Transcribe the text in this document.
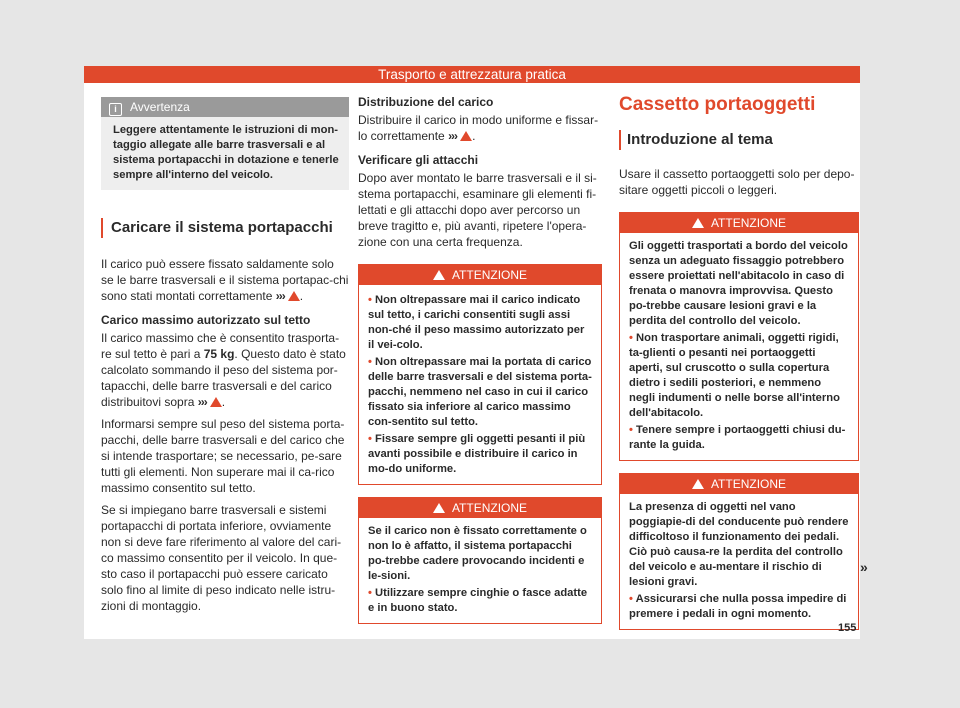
Trasporto e attrezzatura pratica
i Avvertenza
Leggere attentamente le istruzioni di mon-taggio allegate alle barre trasversali e al sistema portapacchi in dotazione e tenerle sempre all'interno del veicolo.
Caricare il sistema portapacchi

Il carico può essere fissato saldamente solo se le barre trasversali e il sistema portapac-chi sono stati montati correttamente ››› .

Carico massimo autorizzato sul tetto

Il carico massimo che è consentito trasporta-re sul tetto è pari a 75 kg. Questo dato è stato calcolato sommando il peso del sistema por-tapacchi, delle barre trasversali e del carico distribuitovi sopra ››› .

Informarsi sempre sul peso del sistema porta-pacchi, delle barre trasversali e del carico che si intende trasportare; se necessario, pe-sare tutti gli elementi. Non superare mai il ca-rico massimo consentito sul tetto.

Se si impiegano barre trasversali e sistemi portapacchi di portata inferiore, ovviamente non si deve fare riferimento al valore del cari-co massimo consentito per il veicolo. In que-sto caso il portapacchi può essere caricato solo fino al limite di peso indicato nelle istru-zioni di montaggio.

Distribuzione del carico

Distribuire il carico in modo uniforme e fissar-lo correttamente ››› .

Verificare gli attacchi

Dopo aver montato le barre trasversali e il si-stema portapacchi, esaminare gli elementi fi-lettati e gli attacchi dopo aver percorso un breve tragitto e, più avanti, ripetere l'opera-zione con una certa frequenza.

ATTENZIONE
• Non oltrepassare mai il carico indicato sul tetto, i carichi consentiti sugli assi non-ché il peso massimo autorizzato per il vei-colo.
• Non oltrepassare mai la portata di carico delle barre trasversali e del sistema porta-pacchi, nemmeno nel caso in cui il carico fissato sia inferiore al carico massimo con-sentito sul tetto.
• Fissare sempre gli oggetti pesanti il più avanti possibile e distribuire il carico in mo-do uniforme.
ATTENZIONE
Se il carico non è fissato correttamente o non lo è affatto, il sistema portapacchi po-trebbe cadere provocando incidenti e le-sioni.
• Utilizzare sempre cinghie o fasce adatte e in buono stato.
Cassetto portaoggetti
Introduzione al tema

Usare il cassetto portaoggetti solo per depo-sitare oggetti piccoli o leggeri.

ATTENZIONE
Gli oggetti trasportati a bordo del veicolo senza un adeguato fissaggio potrebbero essere proiettati nell'abitacolo in caso di frenata o manovra improvvisa. Questo po-trebbe causare lesioni gravi e la perdita del controllo del veicolo.
• Non trasportare animali, oggetti rigidi, ta-glienti o pesanti nei portaoggetti aperti, sul cruscotto o sulla copertura dietro i sedili posteriori, e nemmeno negli indumenti o nelle borse all'interno dell'abitacolo.
• Tenere sempre i portaoggetti chiusi du-rante la guida.
ATTENZIONE
La presenza di oggetti nel vano poggiapie-di del conducente può rendere difficoltoso il funzionamento dei pedali. Ciò può causa-re la perdita del controllo del veicolo e au-mentare il rischio di lesioni gravi.
• Assicurarsi che nulla possa impedire di premere i pedali in ogni momento.
»
155
